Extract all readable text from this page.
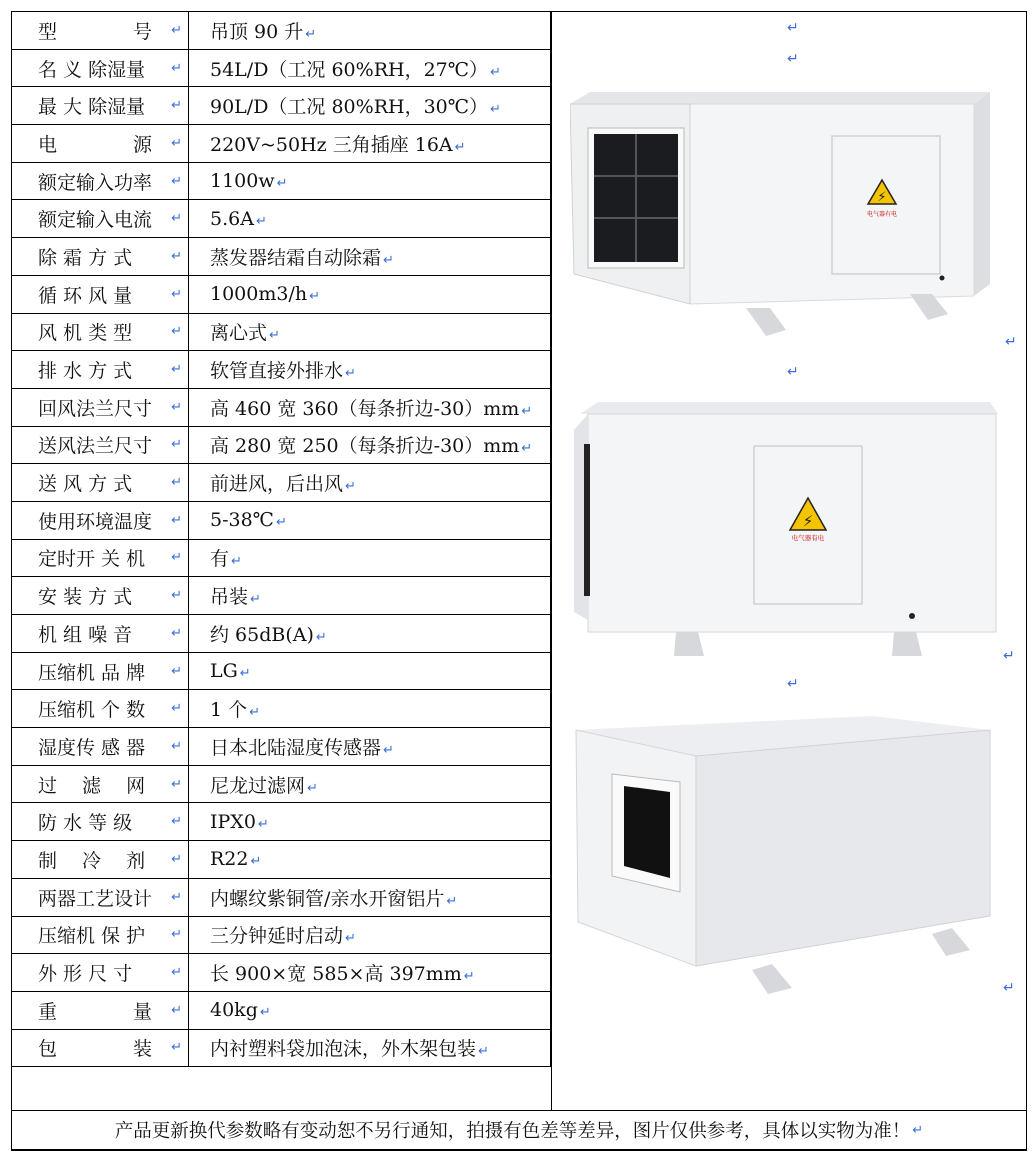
型　　　　号 ↵	吊顶 90 升 ↵

名 义 除湿量 ↵	54L/D（工况 60%RH，27℃） ↵

最 大 除湿量 ↵	90L/D（工况 80%RH，30℃） ↵

电　　　　源 ↵	220V~50Hz 三角插座 16A ↵

额定输入功率 ↵	1100w ↵

额定输入电流 ↵	5.6A ↵

除 霜 方 式 ↵	蒸发器结霜自动除霜 ↵

循 环 风 量 ↵	1000m3/h ↵

风 机 类 型 ↵	离心式 ↵

排 水 方 式 ↵	软管直接外排水 ↵

回风法兰尺寸 ↵	高 460 宽 360（每条折边-30）mm ↵

送风法兰尺寸 ↵	高 280 宽 250（每条折边-30）mm ↵

送 风 方 式 ↵	前进风，后出风 ↵

使用环境温度 ↵	5-38℃ ↵

定时开 关 机 ↵	有 ↵

安 装 方 式 ↵	吊装 ↵

机 组 噪 音 ↵	约 65dB(A) ↵

压缩机 品 牌 ↵	LG ↵

压缩机 个 数 ↵	1 个 ↵

湿度传 感 器 ↵	日本北陆湿度传感器 ↵

过　 滤　 网 ↵	尼龙过滤网 ↵

防 水 等 级 ↵	IPX0 ↵

制　 冷　 剂 ↵	R22 ↵

两器工艺设计 ↵	内螺纹紫铜管/亲水开窗铝片 ↵

压缩机 保 护 ↵	三分钟延时启动 ↵

外 形 尺 寸 ↵	长 900×宽 585×高 397mm ↵

重　　　　量 ↵	40kg ↵

包　　　　装 ↵	内衬塑料袋加泡沫，外木架包装 ↵
↵
↵
↵
↵
↵
↵
↵
⚡
电气器有电
⚡
电气器有电
产品更新换代参数略有变动恕不另行通知，拍摄有色差等差异，图片仅供参考，具体以实物为准！ ↵
